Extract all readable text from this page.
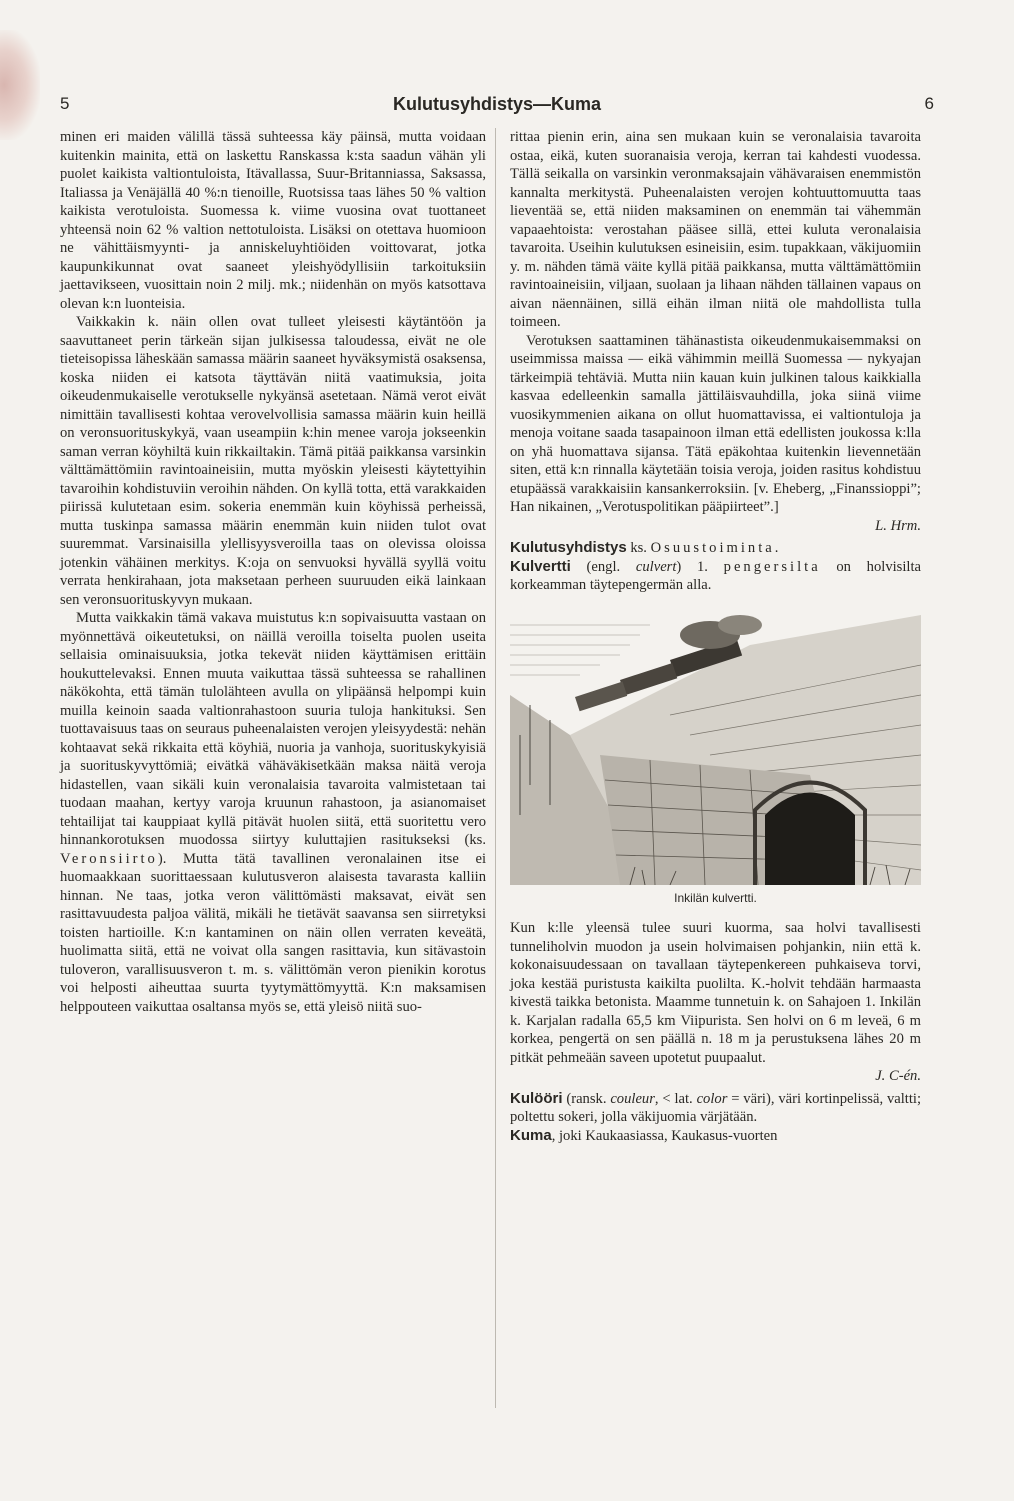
5	Kulutusyhdistys—Kuma	6

minen eri maiden välillä tässä suhteessa käy päinsä, mutta voidaan kuitenkin mainita, että on laskettu Ranskassa k:sta saadun vähän yli puolet kaikista valtiontuloista, Itävallassa, Suur-Britanniassa, Saksassa, Italiassa ja Venäjällä 40 %:n tienoille, Ruotsissa taas lähes 50 % valtion kaikista verotuloista. Suomessa k. viime vuosina ovat tuottaneet yhteensä noin 62 % valtion nettotuloista. Lisäksi on otettava huomioon ne vähittäismyynti- ja anniskeluyhtiöiden voittovarat, jotka kaupunkikunnat ovat saaneet yleishyödyllisiin tarkoituksiin jaettavikseen, vuosittain noin 2 milj. mk.; niidenhän on myös katsottava olevan k:n luonteisia.

Vaikkakin k. näin ollen ovat tulleet yleisesti käytäntöön ja saavuttaneet perin tärkeän sijan julkisessa taloudessa, eivät ne ole tieteisopissa läheskään samassa määrin saaneet hyväksymistä osaksensa, koska niiden ei katsota täyttävän niitä vaatimuksia, joita oikeudenmukaiselle verotukselle nykyänsä asetetaan. Nämä verot eivät nimittäin tavallisesti kohtaa verovelvollisia samassa määrin kuin heillä on veronsuorituskykyä, vaan useampiin k:hin menee varoja jokseenkin saman verran köyhiltä kuin rikkailtakin. Tämä pitää paikkansa varsinkin välttämättömiin ravintoaineisiin, mutta myöskin yleisesti käytettyihin tavaroihin kohdistuviin veroihin nähden. On kyllä totta, että varakkaiden piirissä kulutetaan esim. sokeria enemmän kuin köyhissä perheissä, mutta tuskinpa samassa määrin enemmän kuin niiden tulot ovat suuremmat. Varsinaisilla ylellisyysveroilla taas on olevissa oloissa jotenkin vähäinen merkitys. K:oja on senvuoksi hyvällä syyllä voitu verrata henkirahaan, jota maksetaan perheen suuruuden eikä lainkaan sen veronsuorituskyvyn mukaan.

Mutta vaikkakin tämä vakava muistutus k:n sopivaisuutta vastaan on myönnettävä oikeutetuksi, on näillä veroilla toiselta puolen useita sellaisia ominaisuuksia, jotka tekevät niiden käyttämisen erittäin houkuttelevaksi. Ennen muuta vaikuttaa tässä suhteessa se rahallinen näkökohta, että tämän tulolähteen avulla on ylipäänsä helpompi kuin muilla keinoin saada valtionrahastoon suuria tuloja hankituksi. Sen tuottavaisuus taas on seuraus puheenalaisten verojen yleisyydestä: nehän kohtaavat sekä rikkaita että köyhiä, nuoria ja vanhoja, suorituskykyisiä ja suorituskyvyttömiä; eivätkä vähäväkisetkään maksa näitä veroja hidastellen, vaan sikäli kuin veronalaisia tavaroita valmistetaan tai tuodaan maahan, kertyy varoja kruunun rahastoon, ja asianomaiset tehtailijat tai kauppiaat kyllä pitävät huolen siitä, että suoritettu vero hinnankorotuksen muodossa siirtyy kuluttajien rasitukseksi (ks. Veronsiirto). Mutta tätä tavallinen veronalainen itse ei huomaakkaan suorittaessaan kulutusveron alaisesta tavarasta kalliin hinnan. Ne taas, jotka veron välittömästi maksavat, eivät sen rasittavuudesta paljoa välitä, mikäli he tietävät saavansa sen siirretyksi toisten hartioille. K:n kantaminen on näin ollen verraten keveätä, huolimatta siitä, että ne voivat olla sangen rasittavia, kun sitävastoin tuloveron, varallisuusveron t. m. s. välittömän veron pienikin korotus voi helposti aiheuttaa suurta tyytymättömyyttä. K:n maksamisen helppouteen vaikuttaa osaltansa myös se, että yleisö niitä suo-

rittaa pienin erin, aina sen mukaan kuin se veronalaisia tavaroita ostaa, eikä, kuten suoranaisia veroja, kerran tai kahdesti vuodessa. Tällä seikalla on varsinkin veronmaksajain vähävaraisen enemmistön kannalta merkitystä. Puheenalaisten verojen kohtuuttomuutta taas lieventää se, että niiden maksaminen on enemmän tai vähemmän vapaaehtoista: verostahan pääsee sillä, ettei kuluta veronalaisia tavaroita. Useihin kulutuksen esineisiin, esim. tupakkaan, väkijuomiin y. m. nähden tämä väite kyllä pitää paikkansa, mutta välttämättömiin ravintoaineisiin, viljaan, suolaan ja lihaan nähden tällainen vapaus on aivan näennäinen, sillä eihän ilman niitä ole mahdollista tulla toimeen.

Verotuksen saattaminen tähänastista oikeudenmukaisemmaksi on useimmissa maissa — eikä vähimmin meillä Suomessa — nykyajan tärkeimpiä tehtäviä. Mutta niin kauan kuin julkinen talous kaikkialla kasvaa edelleenkin samalla jättiläisvauhdilla, joka siinä viime vuosikymmenien aikana on ollut huomattavissa, ei valtiontuloja ja menoja voitane saada tasapainoon ilman että edellisten joukossa k:lla on yhä huomattava sijansa. Tätä epäkohtaa kuitenkin lievennetään siten, että k:n rinnalla käytetään toisia veroja, joiden rasitus kohdistuu etupäässä varakkaisiin kansankerroksiin. [v. Eheberg, „Finanssioppi”; Han nikainen, „Verotuspolitikan pääpiirteet”.]

L. Hrm.

Kulutusyhdistys ks. Osuustoiminta.

Kulvertti (engl. culvert) 1. pengersilta on holvisilta korkeamman täytepengermän alla.

Inkilän kulvertti.

Kun k:lle yleensä tulee suuri kuorma, saa holvi tavallisesti tunneliholvin muodon ja usein holvimaisen pohjankin, niin että k. kokonaisuudessaan on tavallaan täytepenkereen puhkaiseva torvi, joka kestää puristusta kaikilta puolilta. K.-holvit tehdään harmaasta kivestä taikka betonista. Maamme tunnetuin k. on Sahajoen 1. Inkilän k. Karjalan radalla 65,5 km Viipurista. Sen holvi on 6 m leveä, 6 m korkea, pengertä on sen päällä n. 18 m ja perustuksena lähes 20 m pitkät pehmeään saveen upotetut puupaalut.

J. C-én.

Kulööri (ransk. couleur, < lat. color = väri), väri kortinpelissä, valtti; poltettu sokeri, jolla väkijuomia värjätään.

Kuma, joki Kaukaasiassa, Kaukasus-vuorten
